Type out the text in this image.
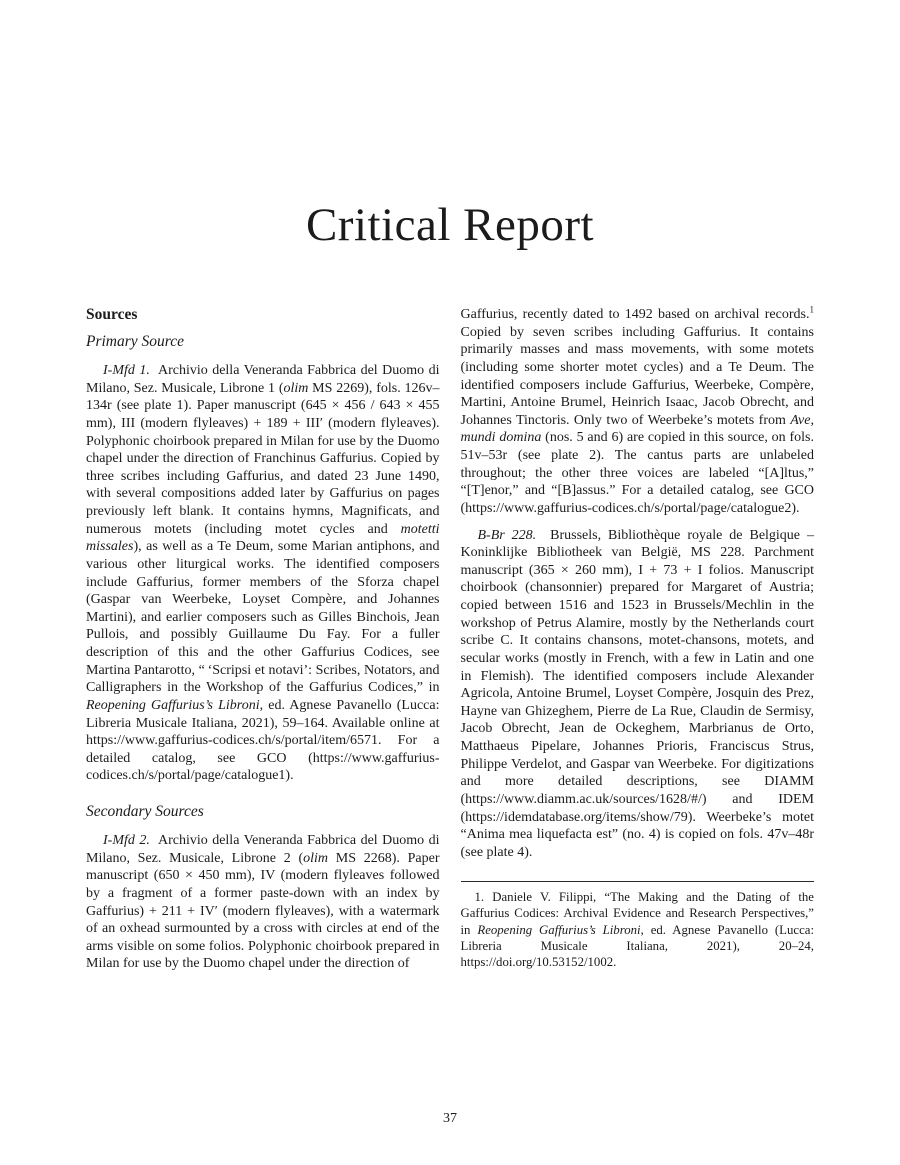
Critical Report
Sources
Primary Source

I-Mfd 1.  Archivio della Veneranda Fabbrica del Duomo di Milano, Sez. Musicale, Librone 1 (olim MS 2269), fols. 126v–134r (see plate 1). Paper manuscript (645 × 456 / 643 × 455 mm), III (modern flyleaves) + 189 + III′ (modern flyleaves). Polyphonic choirbook prepared in Milan for use by the Duomo chapel under the direction of Franchinus Gaffurius. Copied by three scribes including Gaffurius, and dated 23 June 1490, with several compositions added later by Gaffurius on pages previously left blank. It contains hymns, Magnificats, and numerous motets (including motet cycles and motetti missales), as well as a Te Deum, some Marian antiphons, and various other liturgical works. The identified composers include Gaffurius, former members of the Sforza chapel (Gaspar van Weerbeke, Loyset Compère, and Johannes Martini), and earlier composers such as Gilles Binchois, Jean Pullois, and possibly Guillaume Du Fay. For a fuller description of this and the other Gaffurius Codices, see Martina Pantarotto, “ ‘Scripsi et notavi’: Scribes, Notators, and Calligraphers in the Workshop of the Gaffurius Codices,” in Reopening Gaffurius’s Libroni, ed. Agnese Pavanello (Lucca: Libreria Musicale Italiana, 2021), 59–164. Available online at https://www.gaffurius-codices.ch/s/portal/item/6571. For a detailed catalog, see GCO (https://www.gaffurius-codices.ch/s/portal/page/catalogue1).

Secondary Sources

I-Mfd 2.  Archivio della Veneranda Fabbrica del Duomo di Milano, Sez. Musicale, Librone 2 (olim MS 2268). Paper manuscript (650 × 450 mm), IV (modern flyleaves followed by a fragment of a former paste-down with an index by Gaffurius) + 211 + IV′ (modern flyleaves), with a watermark of an oxhead surmounted by a cross with circles at end of the arms visible on some folios. Polyphonic choirbook prepared in Milan for use by the Duomo chapel under the direction of

Gaffurius, recently dated to 1492 based on archival records.$^1$ Copied by seven scribes including Gaffurius. It contains primarily masses and mass movements, with some motets (including some shorter motet cycles) and a Te Deum. The identified composers include Gaffurius, Weerbeke, Compère, Martini, Antoine Brumel, Heinrich Isaac, Jacob Obrecht, and Johannes Tinctoris. Only two of Weerbeke’s motets from Ave, mundi domina (nos. 5 and 6) are copied in this source, on fols. 51v–53r (see plate 2). The cantus parts are unlabeled throughout; the other three voices are labeled “[A]ltus,” “[T]enor,” and “[B]assus.” For a detailed catalog, see GCO (https://www.gaffurius-codices.ch/s/portal/page/catalogue2).

B-Br 228.  Brussels, Bibliothèque royale de Belgique – Koninklijke Bibliotheek van België, MS 228. Parchment manuscript (365 × 260 mm), I + 73 + I folios. Manuscript choirbook (chansonnier) prepared for Margaret of Austria; copied between 1516 and 1523 in Brussels/Mechlin in the workshop of Petrus Alamire, mostly by the Netherlands court scribe C. It contains chansons, motet-chansons, motets, and secular works (mostly in French, with a few in Latin and one in Flemish). The identified composers include Alexander Agricola, Antoine Brumel, Loyset Compère, Josquin des Prez, Hayne van Ghizeghem, Pierre de La Rue, Claudin de Sermisy, Jacob Obrecht, Jean de Ockeghem, Marbrianus de Orto, Matthaeus Pipelare, Johannes Prioris, Franciscus Strus, Philippe Verdelot, and Gaspar van Weerbeke. For digitizations and more detailed descriptions, see DIAMM (https://www.diamm.ac.uk/sources/1628/#/) and IDEM (https://idemdatabase.org/items/show/79). Weerbeke’s motet “Anima mea liquefacta est” (no. 4) is copied on fols. 47v–48r (see plate 4).

1. Daniele V. Filippi, “The Making and the Dating of the Gaffurius Codices: Archival Evidence and Research Perspectives,” in Reopening Gaffurius’s Libroni, ed. Agnese Pavanello (Lucca: Libreria Musicale Italiana, 2021), 20–24, https://doi.org/10.53152/1002.

37
